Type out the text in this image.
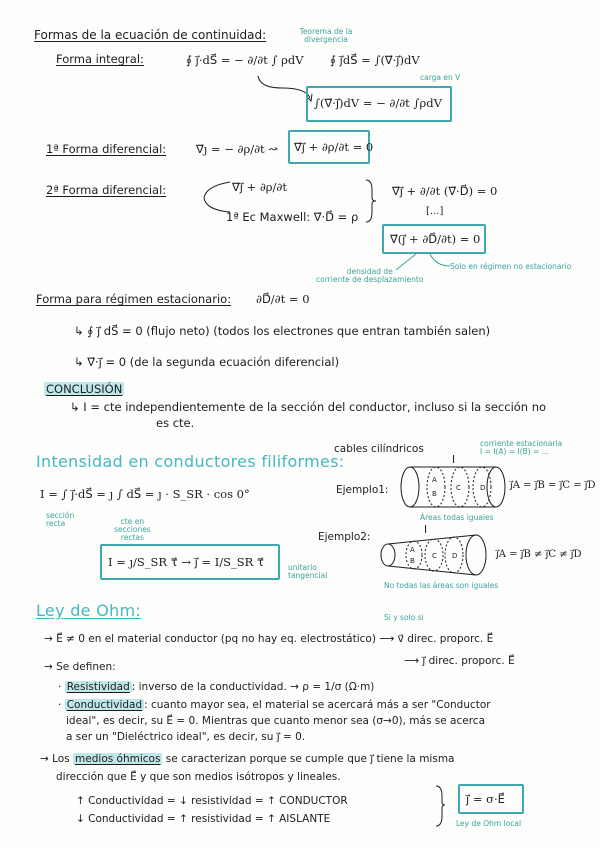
Formas de la ecuación de continuidad:	Teorema de la divergencia
Forma integral:	∮ ȷ⃗·dS⃗ = − ∂/∂t ∫ ρdV ∮ ȷ⃗dS⃗ = ∫(∇⃗·ȷ⃗)dV
carga en V
∫(∇⃗·ȷ⃗)dV = − ∂/∂t ∫ρdV
1ª Forma diferencial:	∇⃗ȷ = − ∂ρ/∂t ↝ ∇⃗ȷ⃗ + ∂ρ/∂t = 0
2ª Forma diferencial:	∇⃗ȷ⃗ + ∂ρ/∂t
1ª Ec Maxwell: ∇⃗·D⃗ = ρ
∇⃗ȷ⃗ + ∂/∂t (∇⃗·D⃗) = 0
[...]
∇⃗(ȷ⃗ + ∂D⃗/∂t) = 0
densidad de
corriente de desplazamiento
Solo en régimen no estacionario
Forma para régimen estacionario: ∂D⃗/∂t = 0
↳ ∮ ȷ⃗ dS⃗ = 0 (flujo neto) (todos los electrones que entran también salen)
↳ ∇⃗·ȷ⃗ = 0 (de la segunda ecuación diferencial)
CONCLUSIÓN
↳ I = cte independientemente de la sección del conductor, incluso si la sección no
es cte.
Intensidad en conductores filiformes:
cables cilíndricos	corriente estacionaria
I = I(A) = I(B) = ...
I = ∫ ȷ⃗·dS⃗ = ȷ ∫ dS⃗ = ȷ · S_SR · cos 0°
sección
recta	cte en
secciones
rectas
I = ȷ/S_SR τ⃗ → ȷ⃗ = I/S_SR τ⃗	unitario
tangencial
Ejemplo1:
I
A
B
C	D ȷ⃗A = ȷ⃗B = ȷ⃗C = ȷ⃗D
Áreas todas iguales
Ejemplo2:
I
A
B
C D	ȷ⃗A = ȷ⃗B ≠ ȷ⃗C ≠ ȷ⃗D
No todas las áreas son iguales
Ley de Ohm:	Si y solo si
→ E⃗ ≠ 0 en el material conductor (pq no hay eq. electrostático) ⟶ v⃗ direc. proporc. E⃗
⟶ ȷ⃗ direc. proporc. E⃗
→ Se definen:
· Resistividad : inverso de la conductividad. → ρ = 1/σ (Ω·m)
· Conductividad : cuanto mayor sea, el material se acercará más a ser "Conductor
ideal", es decir, su E⃗ = 0. Mientras que cuanto menor sea (σ→0), más se acerca
a ser un "Dieléctrico ideal", es decir, su ȷ⃗ = 0.
→ Los medios óhmicos se caracterizan porque se cumple que ȷ⃗ tiene la misma
dirección que E⃗ y que son medios isótropos y lineales.
↑ Conductividad = ↓ resistividad = ↑ CONDUCTOR
↓ Conductividad = ↑ resistividad = ↑ AISLANTE
ȷ⃗ = σ·E⃗
Ley de Ohm local
